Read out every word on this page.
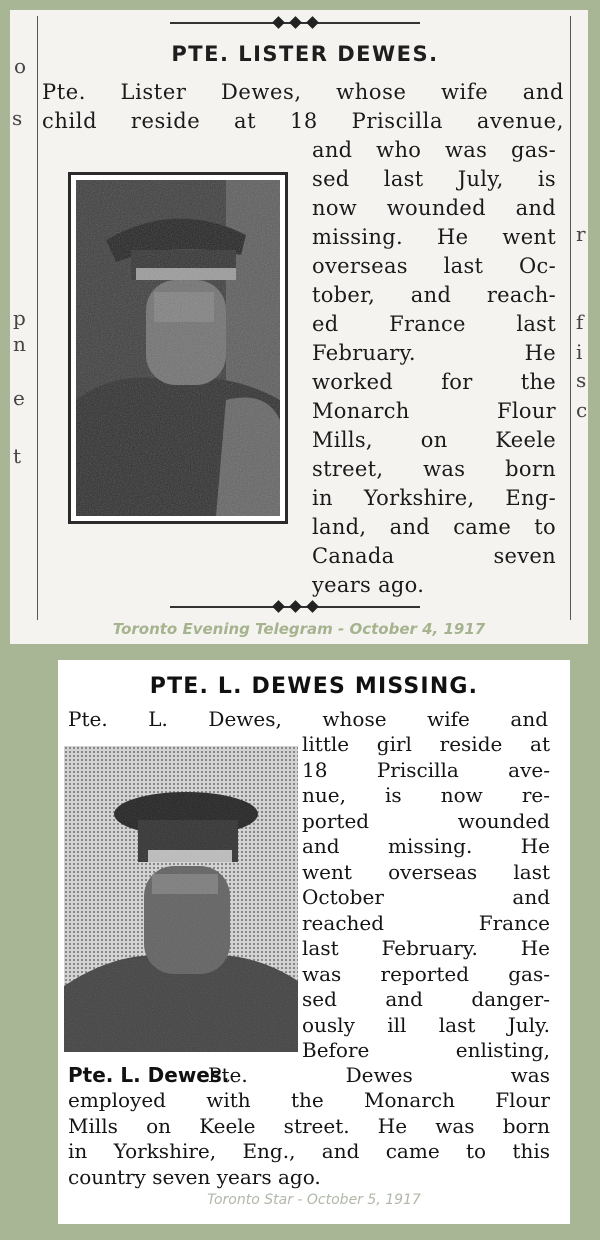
o
s
p
n
e
t
r
c
f
i
s
PTE. LISTER DEWES.
Pte. Lister Dewes, whose wife and
child reside at 18 Priscilla avenue,
and who was gas-
sed last July, is
now wounded and
missing. He went
overseas last Oc-
tober, and reach-
ed France last
February. He
worked for the
Monarch Flour
Mills, on Keele
street, was born
in Yorkshire, Eng-
land, and came to
Canada seven
years ago.
Toronto Evening Telegram - October 4, 1917
PTE. L. DEWES MISSING.
Pte. L. Dewes, whose wife and
little girl reside at
18 Priscilla ave-
nue, is now re-
ported wounded
and missing. He
went overseas last
October and
reached France
last February. He
was reported gas-
sed and danger-
ously ill last July.
Before enlisting,
Pte. L. Dewes.
Pte. Dewes was
employed with the Monarch Flour
Mills on Keele street. He was born
in Yorkshire, Eng., and came to this
country seven years ago.
Toronto Star - October 5, 1917
